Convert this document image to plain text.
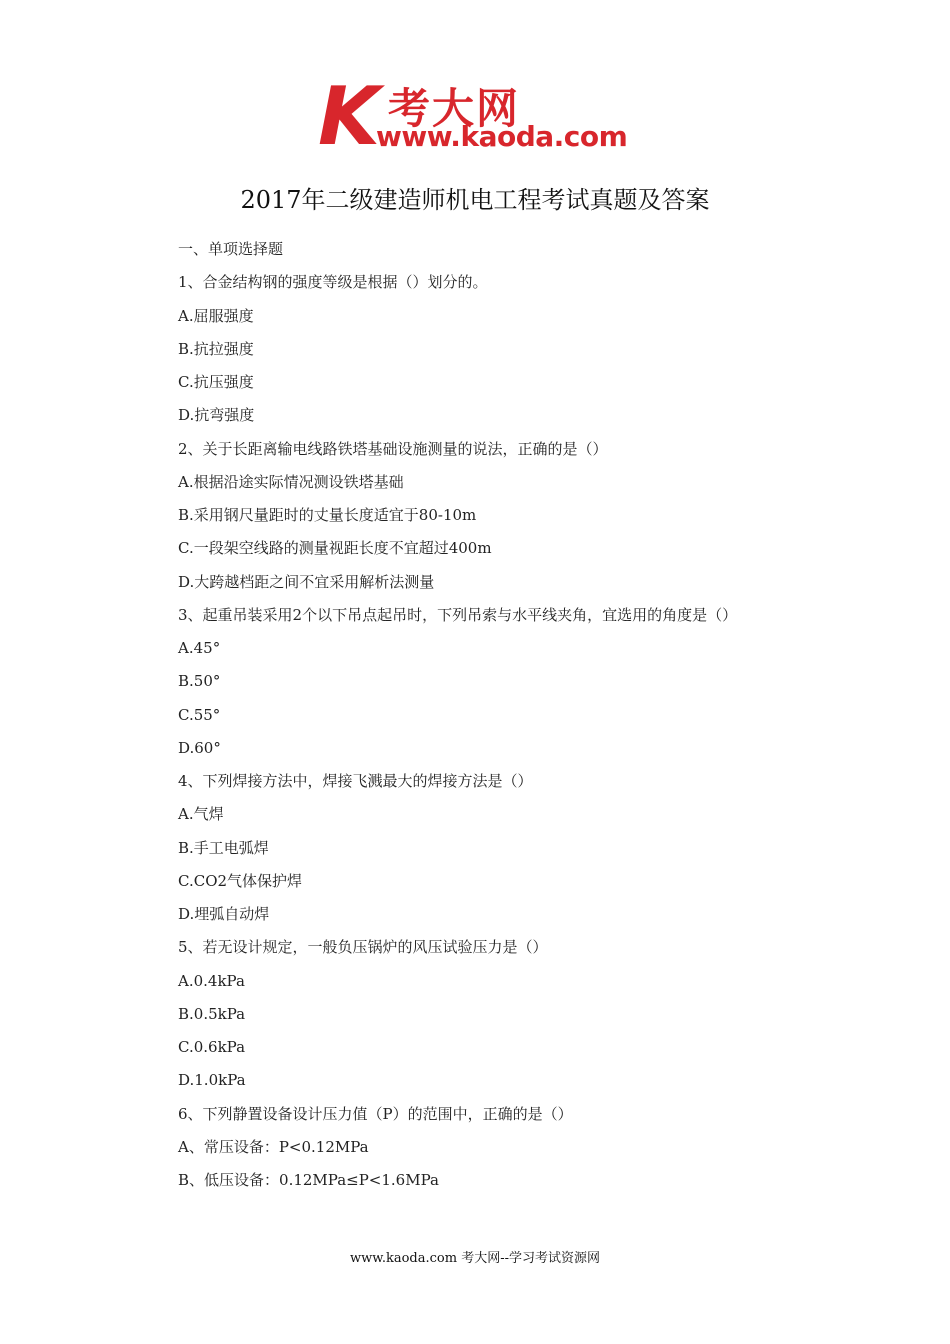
K 考大网
www.kaoda.com
2017年二级建造师机电工程考试真题及答案
一、单项选择题
1、合金结构钢的强度等级是根据（）划分的。
A.屈服强度
B.抗拉强度
C.抗压强度
D.抗弯强度
2、关于长距离输电线路铁塔基础设施测量的说法，正确的是（）
A.根据沿途实际情况测设铁塔基础
B.采用钢尺量距时的丈量长度适宜于80-10m
C.一段架空线路的测量视距长度不宜超过400m
D.大跨越档距之间不宜采用解析法测量
3、起重吊装采用2个以下吊点起吊时，下列吊索与水平线夹角，宜选用的角度是（）
A.45°
B.50°
C.55°
D.60°
4、下列焊接方法中，焊接飞溅最大的焊接方法是（）
A.气焊
B.手工电弧焊
C.CO2气体保护焊
D.埋弧自动焊
5、若无设计规定，一般负压锅炉的风压试验压力是（）
A.0.4kPa
B.0.5kPa
C.0.6kPa
D.1.0kPa
6、下列静置设备设计压力值（P）的范围中，正确的是（）
A、常压设备：P<0.12MPa
B、低压设备：0.12MPa≤P<1.6MPa
www.kaoda.com 考大网--学习考试资源网
